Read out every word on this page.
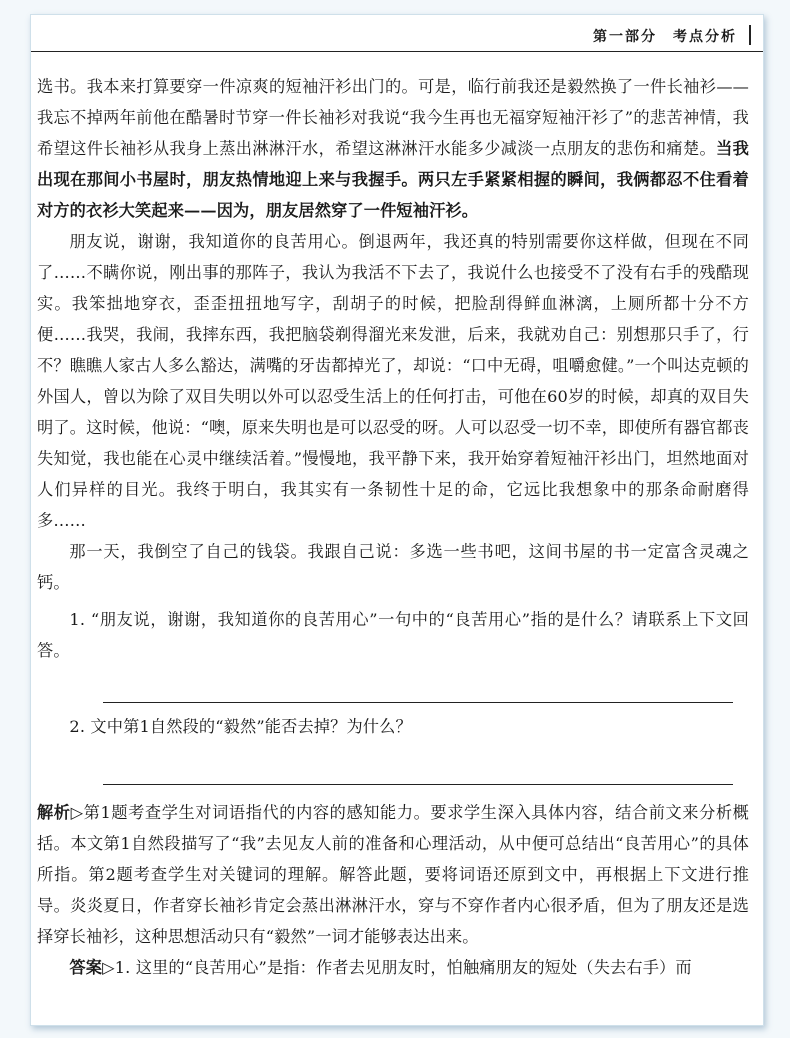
第一部分　考点分析

选书。我本来打算要穿一件凉爽的短袖汗衫出门的。可是，临行前我还是毅然换了一件长袖衫——我忘不掉两年前他在酷暑时节穿一件长袖衫对我说“我今生再也无福穿短袖汗衫了”的悲苦神情，我希望这件长袖衫从我身上蒸出淋淋汗水，希望这淋淋汗水能多少减淡一点朋友的悲伤和痛楚。当我出现在那间小书屋时，朋友热情地迎上来与我握手。两只左手紧紧相握的瞬间，我俩都忍不住看着对方的衣衫大笑起来——因为，朋友居然穿了一件短袖汗衫。

朋友说，谢谢，我知道你的良苦用心。倒退两年，我还真的特别需要你这样做，但现在不同了……不瞒你说，刚出事的那阵子，我认为我活不下去了，我说什么也接受不了没有右手的残酷现实。我笨拙地穿衣，歪歪扭扭地写字，刮胡子的时候，把脸刮得鲜血淋漓，上厕所都十分不方便……我哭，我闹，我摔东西，我把脑袋剃得溜光来发泄，后来，我就劝自己：别想那只手了，行不？瞧瞧人家古人多么豁达，满嘴的牙齿都掉光了，却说：“口中无碍，咀嚼愈健。”一个叫达克顿的外国人，曾以为除了双目失明以外可以忍受生活上的任何打击，可他在60岁的时候，却真的双目失明了。这时候，他说：“噢，原来失明也是可以忍受的呀。人可以忍受一切不幸，即使所有器官都丧失知觉，我也能在心灵中继续活着。”慢慢地，我平静下来，我开始穿着短袖汗衫出门，坦然地面对人们异样的目光。我终于明白，我其实有一条韧性十足的命，它远比我想象中的那条命耐磨得多……

那一天，我倒空了自己的钱袋。我跟自己说：多选一些书吧，这间书屋的书一定富含灵魂之钙。

1. “朋友说，谢谢，我知道你的良苦用心”一句中的“良苦用心”指的是什么？请联系上下文回答。

2. 文中第1自然段的“毅然”能否去掉？为什么？

解析▷第1题考查学生对词语指代的内容的感知能力。要求学生深入具体内容，结合前文来分析概括。本文第1自然段描写了“我”去见友人前的准备和心理活动，从中便可总结出“良苦用心”的具体所指。第2题考查学生对关键词的理解。解答此题，要将词语还原到文中，再根据上下文进行推导。炎炎夏日，作者穿长袖衫肯定会蒸出淋淋汗水，穿与不穿作者内心很矛盾，但为了朋友还是选择穿长袖衫，这种思想活动只有“毅然”一词才能够表达出来。

答案▷1. 这里的“良苦用心”是指：作者去见朋友时，怕触痛朋友的短处（失去右手）而
